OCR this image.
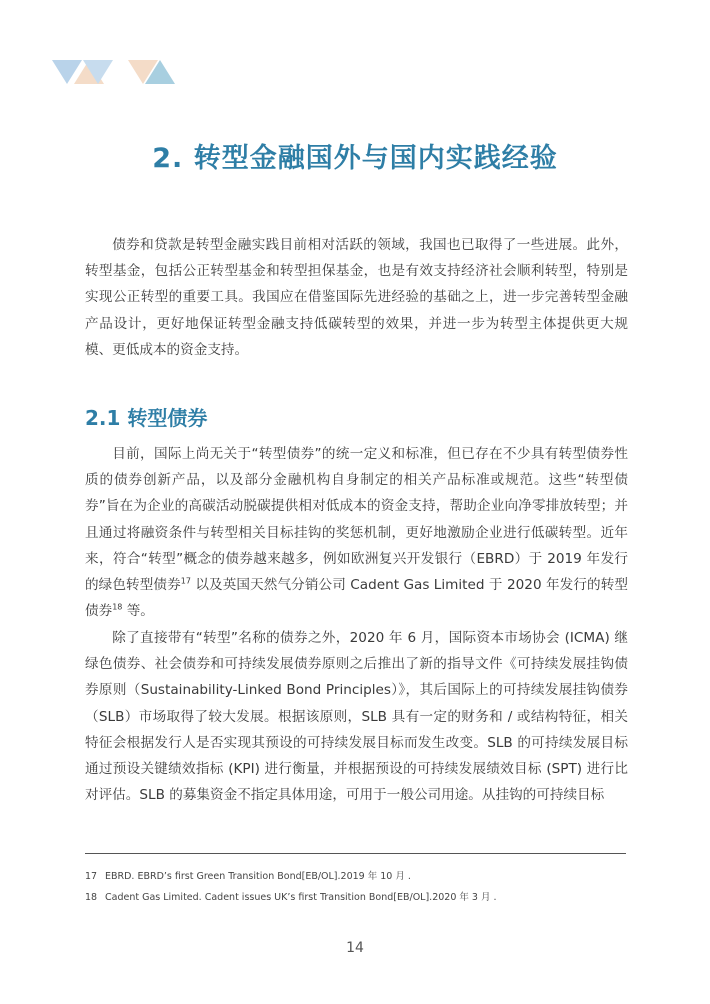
2. 转型金融国外与国内实践经验

债券和贷款是转型金融实践目前相对活跃的领域，我国也已取得了一些进展。此外，转型基金，包括公正转型基金和转型担保基金，也是有效支持经济社会顺利转型，特别是实现公正转型的重要工具。我国应在借鉴国际先进经验的基础之上，进一步完善转型金融产品设计，更好地保证转型金融支持低碳转型的效果，并进一步为转型主体提供更大规模、更低成本的资金支持。

2.1 转型债券

目前，国际上尚无关于“转型债券”的统一定义和标准，但已存在不少具有转型债券性质的债券创新产品，以及部分金融机构自身制定的相关产品标准或规范。这些“转型债券”旨在为企业的高碳活动脱碳提供相对低成本的资金支持，帮助企业向净零排放转型；并且通过将融资条件与转型相关目标挂钩的奖惩机制，更好地激励企业进行低碳转型。近年来，符合“转型”概念的债券越来越多，例如欧洲复兴开发银行（EBRD）于 2019 年发行的绿色转型债券$^{17}$ 以及英国天然气分销公司 Cadent Gas Limited 于 2020 年发行的转型债券$^{18}$ 等。

除了直接带有“转型”名称的债券之外，2020 年 6 月，国际资本市场协会 (ICMA) 继绿色债券、社会债券和可持续发展债券原则之后推出了新的指导文件《可持续发展挂钩债券原则（Sustainability-Linked Bond Principles）》，其后国际上的可持续发展挂钩债券（SLB）市场取得了较大发展。根据该原则，SLB 具有一定的财务和 / 或结构特征，相关特征会根据发行人是否实现其预设的可持续发展目标而发生改变。SLB 的可持续发展目标通过预设关键绩效指标 (KPI) 进行衡量，并根据预设的可持续发展绩效目标 (SPT) 进行比对评估。SLB 的募集资金不指定具体用途，可用于一般公司用途。从挂钩的可持续目标

17 EBRD. EBRD’s first Green Transition Bond[EB/OL].2019 年 10 月 .

18 Cadent Gas Limited. Cadent issues UK’s first Transition Bond[EB/OL].2020 年 3 月 .

14
